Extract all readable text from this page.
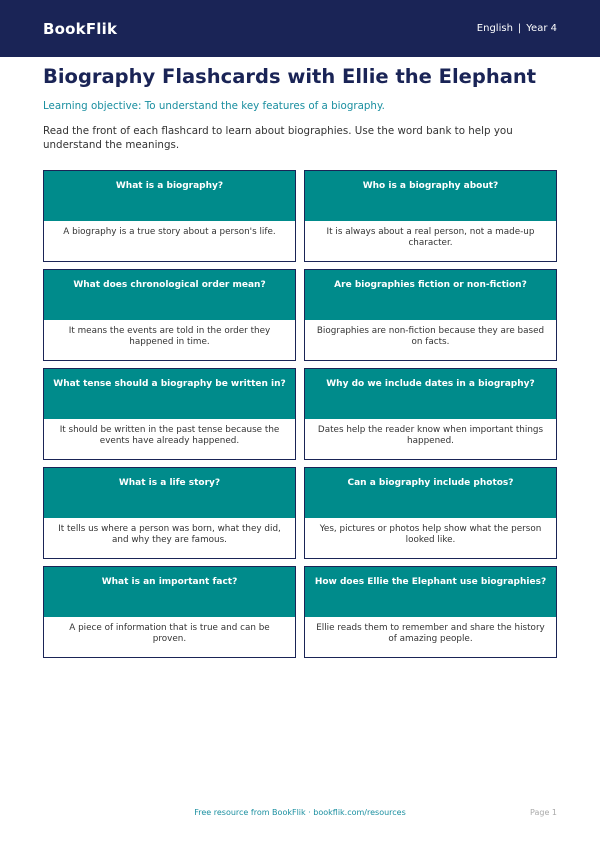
BookFlik	English | Year 4
Biography Flashcards with Ellie the Elephant
Learning objective: To understand the key features of a biography.
Read the front of each flashcard to learn about biographies. Use the word bank to help you understand the meanings.
What is a biography?
A biography is a true story about a person's life.
Who is a biography about?
It is always about a real person, not a made-up character.
What does chronological order mean?
It means the events are told in the order they happened in time.
Are biographies fiction or non-fiction?
Biographies are non-fiction because they are based on facts.
What tense should a biography be written in?
It should be written in the past tense because the events have already happened.
Why do we include dates in a biography?
Dates help the reader know when important things happened.
What is a life story?
It tells us where a person was born, what they did, and why they are famous.
Can a biography include photos?
Yes, pictures or photos help show what the person looked like.
What is an important fact?
A piece of information that is true and can be proven.
How does Ellie the Elephant use biographies?
Ellie reads them to remember and share the history of amazing people.
Free resource from BookFlik · bookflik.com/resources	Page 1
